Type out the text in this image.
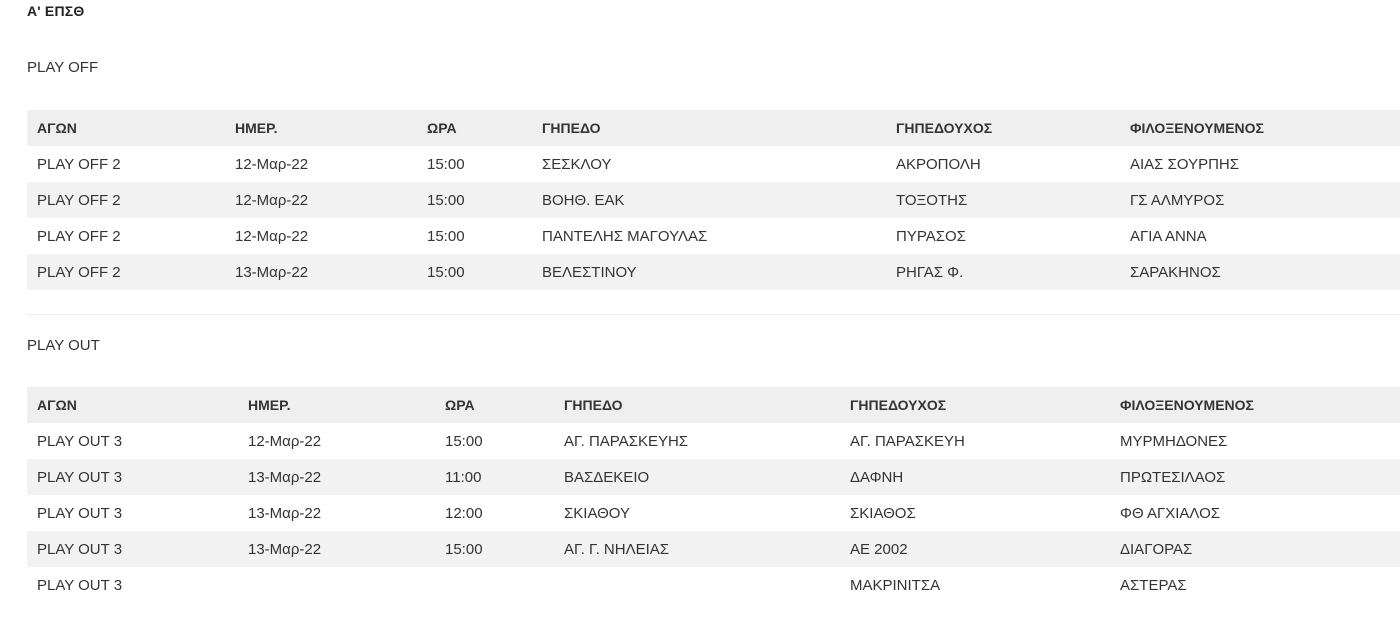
Α' ΕΠΣΘ
PLAY OFF
ΑΓΩΝ	ΗΜΕΡ.	ΩΡΑ	ΓΗΠΕΔΟ	ΓΗΠΕΔΟΥΧΟΣ	ΦΙΛΟΞΕΝΟΥΜΕΝΟΣ
PLAY OFF 2	12-Μαρ-22	15:00	ΣΕΣΚΛΟΥ	ΑΚΡΟΠΟΛΗ	ΑΙΑΣ ΣΟΥΡΠΗΣ
PLAY OFF 2	12-Μαρ-22	15:00	ΒΟΗΘ. ΕΑΚ	ΤΟΞΟΤΗΣ	ΓΣ ΑΛΜΥΡΟΣ
PLAY OFF 2	12-Μαρ-22	15:00	ΠΑΝΤΕΛΗΣ ΜΑΓΟΥΛΑΣ	ΠΥΡΑΣΟΣ	ΑΓΙΑ ΑΝΝΑ
PLAY OFF 2	13-Μαρ-22	15:00	ΒΕΛΕΣΤΙΝΟΥ	ΡΗΓΑΣ Φ.	ΣΑΡΑΚΗΝΟΣ
PLAY OUT
ΑΓΩΝ	ΗΜΕΡ.	ΩΡΑ	ΓΗΠΕΔΟ	ΓΗΠΕΔΟΥΧΟΣ	ΦΙΛΟΞΕΝΟΥΜΕΝΟΣ
PLAY OUT 3	12-Μαρ-22	15:00	ΑΓ. ΠΑΡΑΣΚΕΥΗΣ	ΑΓ. ΠΑΡΑΣΚΕΥΗ	ΜΥΡΜΗΔΟΝΕΣ
PLAY OUT 3	13-Μαρ-22	11:00	ΒΑΣΔΕΚΕΙΟ	ΔΑΦΝΗ	ΠΡΩΤΕΣΙΛΑΟΣ
PLAY OUT 3	13-Μαρ-22	12:00	ΣΚΙΑΘΟΥ	ΣΚΙΑΘΟΣ	ΦΘ ΑΓΧΙΑΛΟΣ
PLAY OUT 3	13-Μαρ-22	15:00	ΑΓ. Γ. ΝΗΛΕΙΑΣ	ΑΕ 2002	ΔΙΑΓΟΡΑΣ
PLAY OUT 3				ΜΑΚΡΙΝΙΤΣΑ	ΑΣΤΕΡΑΣ
